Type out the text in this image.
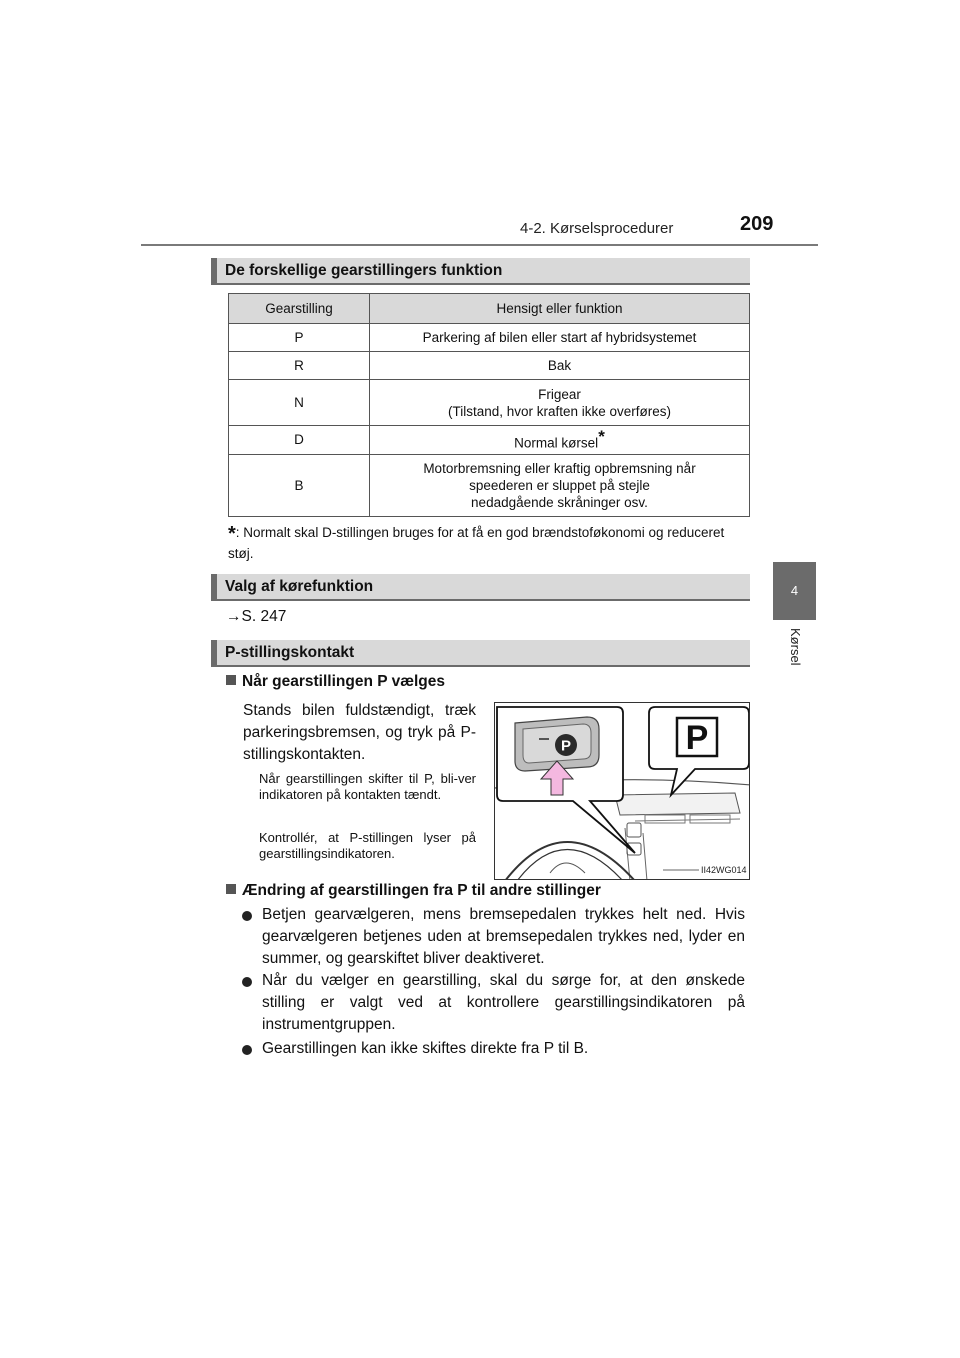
4-2. Kørselsprocedurer	209
4
Kørsel
De forskellige gearstillingers funktion
Gearstilling	Hensigt eller funktion
P	Parkering af bilen eller start af hybridsystemet
R	Bak
N	Frigear
(Tilstand, hvor kraften ikke overføres)

D	Normal kørsel*
B	Motorbremsning eller kraftig opbremsning når
speederen er sluppet på stejle
nedadgående skråninger osv.
*: Normalt skal D-stillingen bruges for at få en god brændstoføkonomi og reduceret støj.
Valg af kørefunktion
→S. 247
P-stillingskontakt
Når gearstillingen P vælges
Stands bilen fuldstændigt, træk parkeringsbremsen, og tryk på P-stillingskontakten.
Når gearstillingen skifter til P, bli-ver indikatoren på kontakten tændt.
Kontrollér, at P-stillingen lyser på gearstillingsindikatoren.
P	P
II42WG014
Ændring af gearstillingen fra P til andre stillinger
Betjen gearvælgeren, mens bremsepedalen trykkes helt ned. Hvis gearvælgeren betjenes uden at bremsepedalen trykkes ned, lyder en summer, og gearskiftet bliver deaktiveret.
Når du vælger en gearstilling, skal du sørge for, at den ønskede stilling er valgt ved at kontrollere gearstillingsindikatoren på instrumentgruppen.
Gearstillingen kan ikke skiftes direkte fra P til B.
